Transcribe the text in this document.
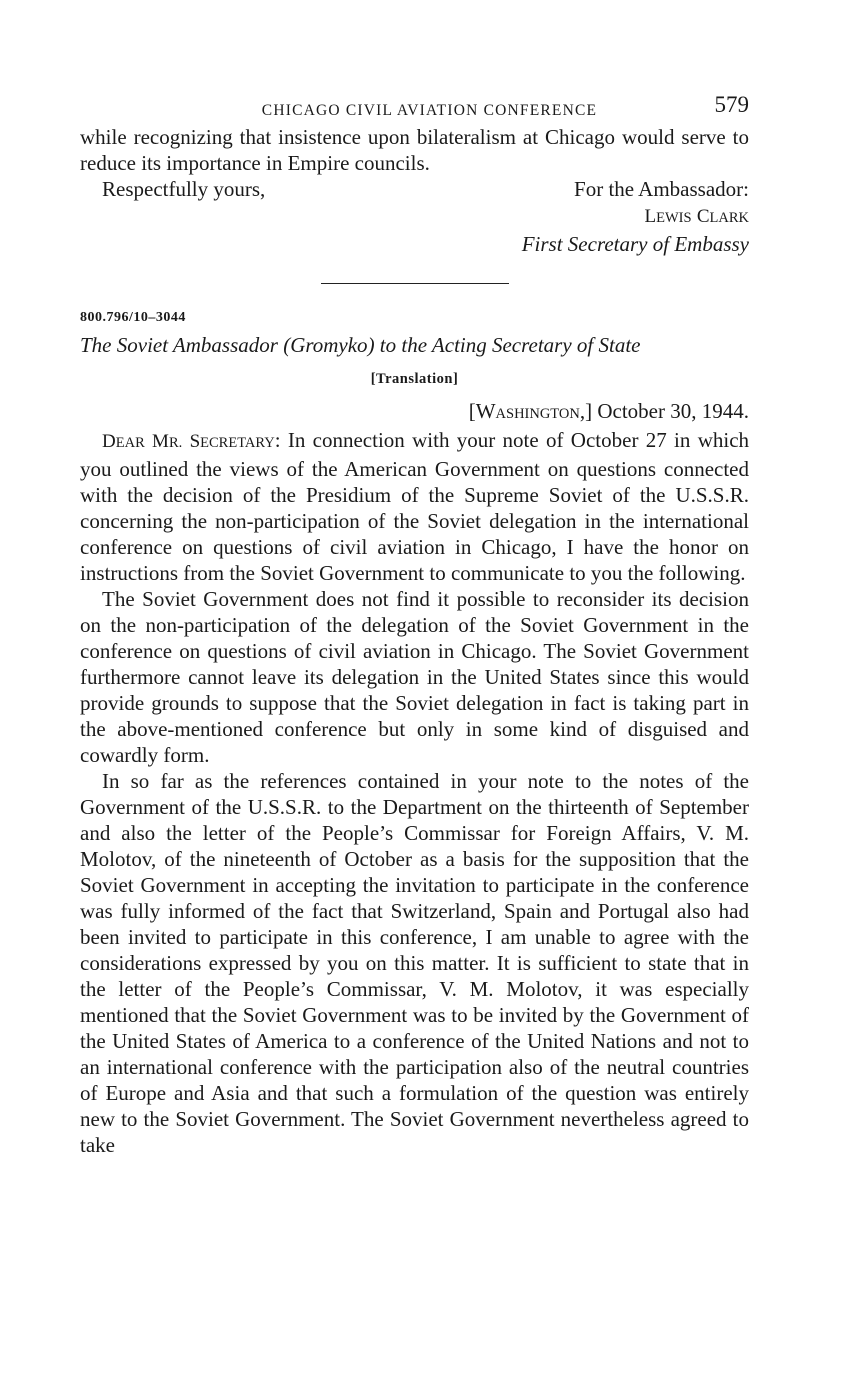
CHICAGO CIVIL AVIATION CONFERENCE	579

while recognizing that insistence upon bilateralism at Chicago would serve to reduce its importance in Empire councils.

Respectfully yours,	For the Ambassador:
LEWIS CLARK
First Secretary of Embassy
800.796/10–3044
The Soviet Ambassador (Gromyko) to the Acting Secretary of State
[Translation]
[WASHINGTON,] October 30, 1944.

DEAR MR. SECRETARY: In connection with your note of October 27 in which you outlined the views of the American Government on questions connected with the decision of the Presidium of the Supreme Soviet of the U.S.S.R. concerning the non-participation of the Soviet delegation in the international conference on questions of civil aviation in Chicago, I have the honor on instructions from the Soviet Government to communicate to you the following.

The Soviet Government does not find it possible to reconsider its decision on the non-participation of the delegation of the Soviet Government in the conference on questions of civil aviation in Chicago. The Soviet Government furthermore cannot leave its delegation in the United States since this would provide grounds to suppose that the Soviet delegation in fact is taking part in the above-mentioned conference but only in some kind of disguised and cowardly form.

In so far as the references contained in your note to the notes of the Government of the U.S.S.R. to the Department on the thirteenth of September and also the letter of the People’s Commissar for Foreign Affairs, V. M. Molotov, of the nineteenth of October as a basis for the supposition that the Soviet Government in accepting the invitation to participate in the conference was fully informed of the fact that Switzerland, Spain and Portugal also had been invited to participate in this conference, I am unable to agree with the considerations expressed by you on this matter. It is sufficient to state that in the letter of the People’s Commissar, V. M. Molotov, it was especially mentioned that the Soviet Government was to be invited by the Government of the United States of America to a conference of the United Nations and not to an international conference with the participation also of the neutral countries of Europe and Asia and that such a formulation of the question was entirely new to the Soviet Government. The Soviet Government nevertheless agreed to take
